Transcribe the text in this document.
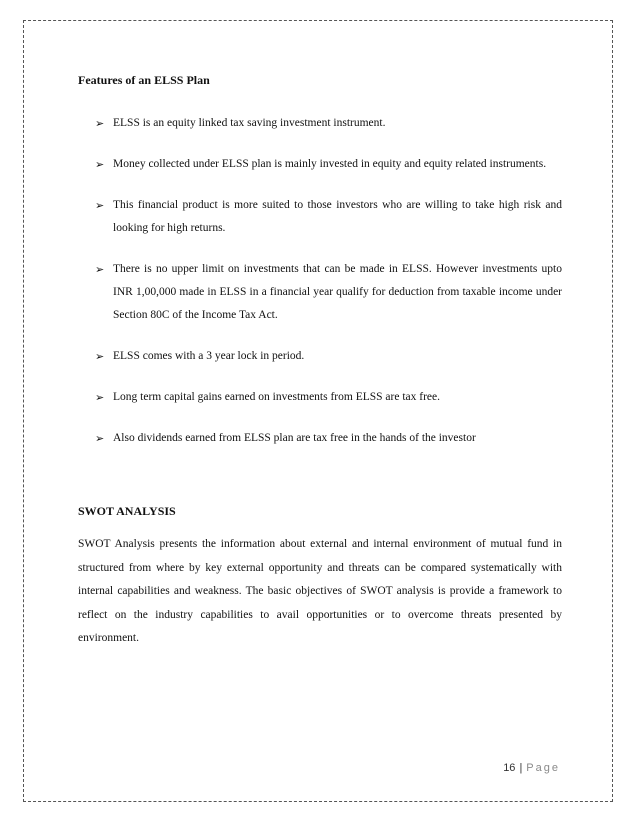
Features of an ELSS Plan

➢ ELSS is an equity linked tax saving investment instrument.
➢ Money collected under ELSS plan is mainly invested in equity and equity related instruments.
➢ This financial product is more suited to those investors who are willing to take high risk and looking for high returns.
➢ There is no upper limit on investments that can be made in ELSS. However investments upto INR 1,00,000 made in ELSS in a financial year qualify for deduction from taxable income under Section 80C of the Income Tax Act.
➢ ELSS comes with a 3 year lock in period.
➢ Long term capital gains earned on investments from ELSS are tax free.
➢ Also dividends earned from ELSS plan are tax free in the hands of the investor

SWOT ANALYSIS

SWOT Analysis presents the information about external and internal environment of mutual fund in structured from where by key external opportunity and threats can be compared systematically with internal capabilities and weakness. The basic objectives of SWOT analysis is provide a framework to reflect on the industry capabilities to avail opportunities or to overcome threats presented by environment.

16 | Page
